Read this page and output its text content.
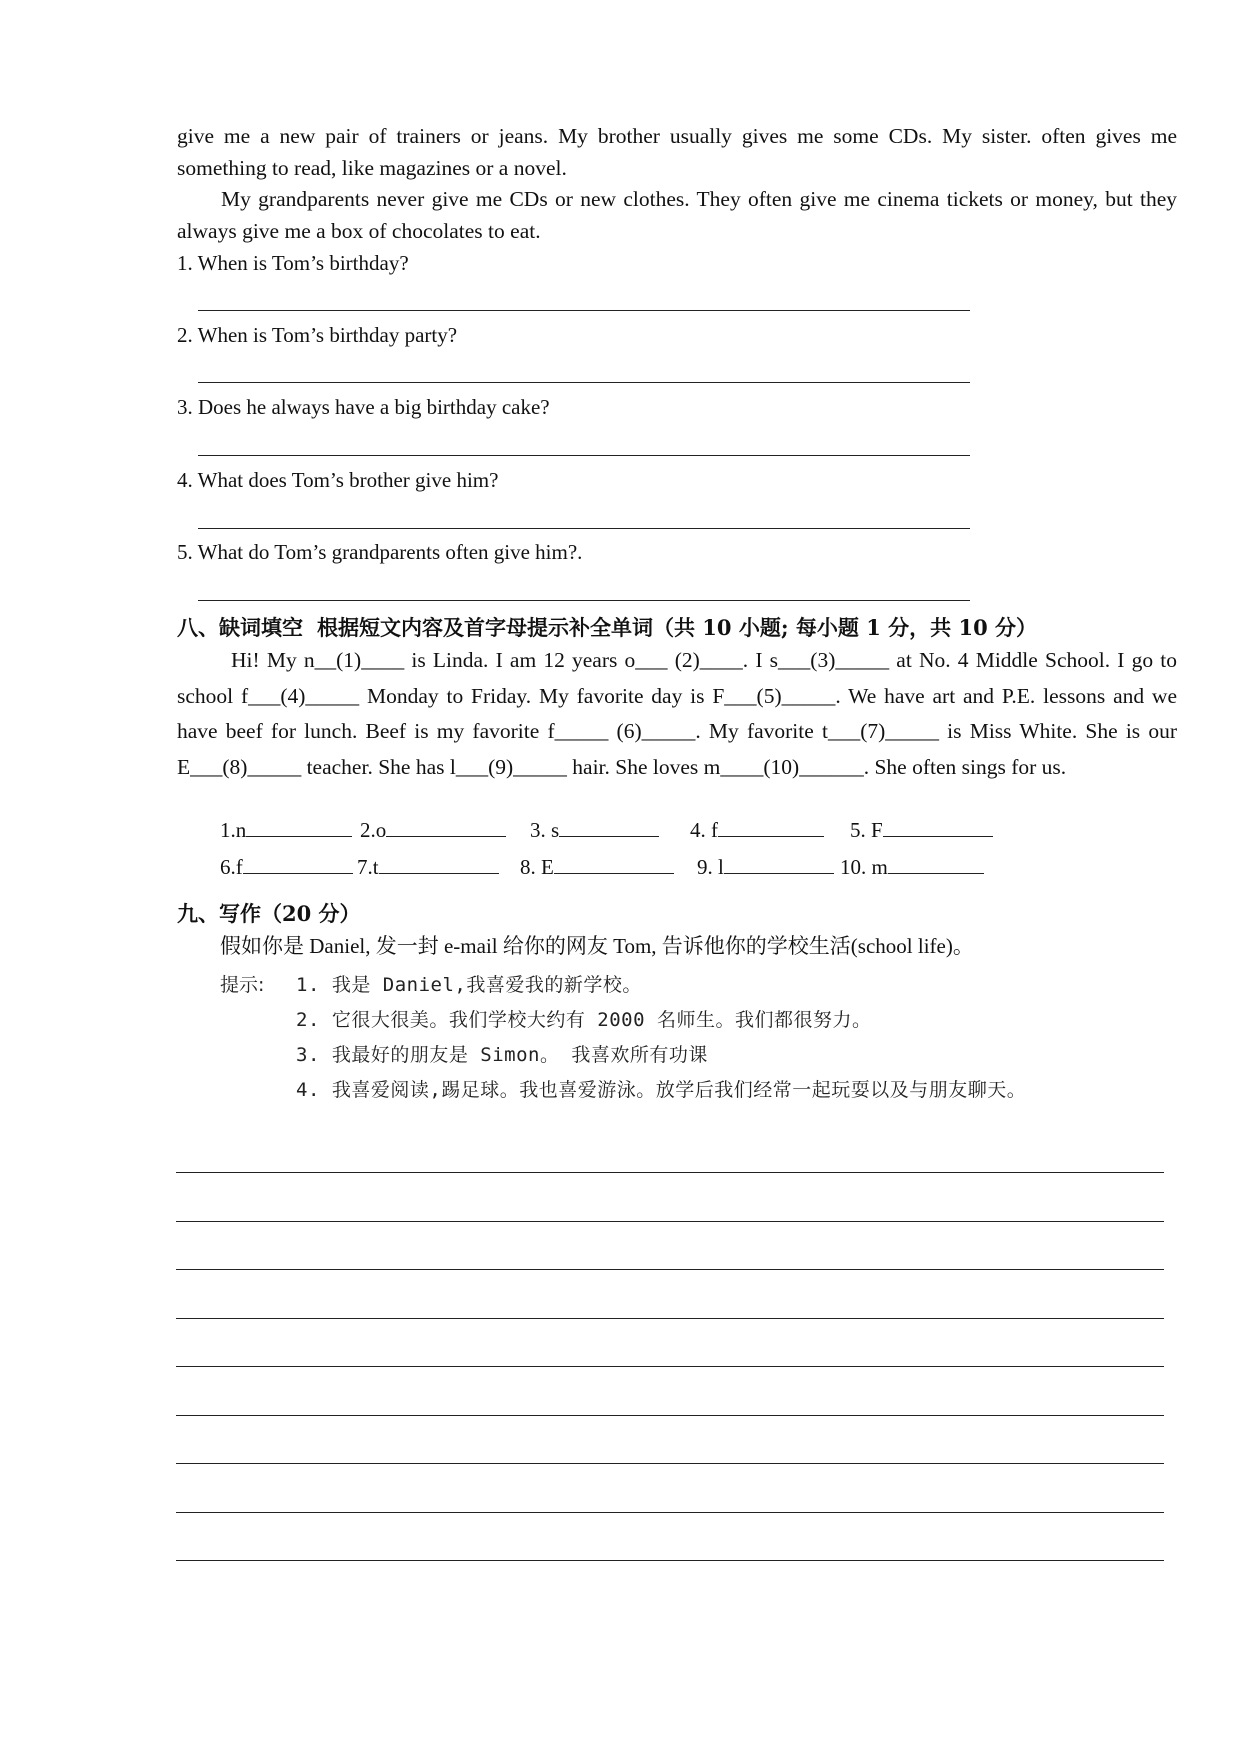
give me a new pair of trainers or jeans. My brother usually gives me some CDs. My sister. often gives me something to read, like magazines or a novel.

My grandparents never give me CDs or new clothes. They often give me cinema tickets or money, but they always give me a box of chocolates to eat.

1. When is Tom’s birthday?

2. When is Tom’s birthday party?

3. Does he always have a big birthday cake?

4. What does Tom’s brother give him?

5. What do Tom’s grandparents often give him?.

八、缺词填空 根据短文内容及首字母提示补全单词（共 10 小题; 每小题 1 分，共 10 分）

Hi! My n__(1)____ is Linda. I am 12 years o___ (2)____. I s___(3)_____ at No. 4 Middle School. I go to school f___(4)_____ Monday to Friday. My favorite day is F___(5)_____. We have art and P.E. lessons and we have beef for lunch. Beef is my favorite f_____ (6)_____. My favorite t___(7)_____ is Miss White. She is our E___(8)_____ teacher. She has l___(9)_____ hair. She loves m____(10)______. She often sings for us.

1.n	2.o	3. s	4. f	5. F
6.f	7.t	8. E	9. l	10. m

九、写作（20 分）

假如你是 Daniel, 发一封 e-mail 给你的网友 Tom, 告诉他你的学校生活(school life)。

提示: 1. 我是 Daniel,我喜爱我的新学校。

2. 它很大很美。我们学校大约有 2000 名师生。我们都很努力。

3. 我最好的朋友是 Simon。 我喜欢所有功课

4. 我喜爱阅读,踢足球。我也喜爱游泳。放学后我们经常一起玩耍以及与朋友聊天。
